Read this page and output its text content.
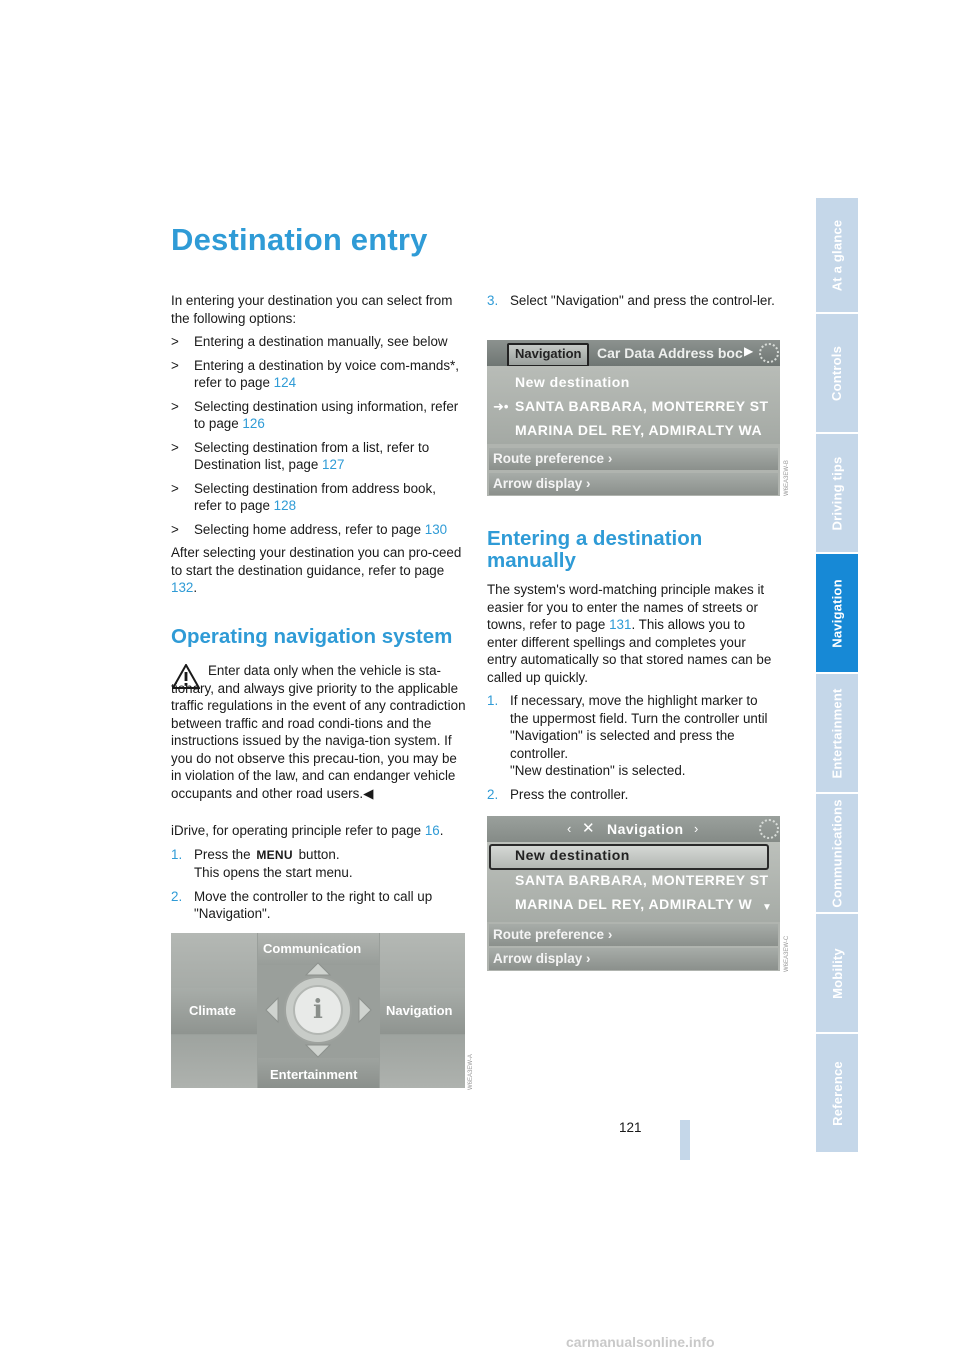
At a glance
Controls
Driving tips
Navigation
Entertainment
Communications
Mobility
Reference
Destination entry

In entering your destination you can select from the following options:

> Entering a destination manually, see below
> Entering a destination by voice com-mands*, refer to page 124
> Selecting destination using information, refer to page 126
> Selecting destination from a list, refer to Destination list, page 127
> Selecting destination from address book, refer to page 128
> Selecting home address, refer to page 130

After selecting your destination you can pro-ceed to start the destination guidance, refer to page 132.

Operating navigation system

Enter data only when the vehicle is sta-tionary, and always give priority to the applicable traffic regulations in the event of any contradiction between traffic and road condi-tions and the instructions issued by the naviga-tion system. If you do not observe this precau-tion, you may be in violation of the law, and can endanger vehicle occupants and other road users.◀

iDrive, for operating principle refer to page 16.

1. Press the MENU button.
This opens the start menu.
2. Move the controller to the right to call up "Navigation".
Communication
Climate	Navigation
Entertainment
i
W6EA3EW-A
3. Select "Navigation" and press the control-ler.
Navigation Car Data Address boc ▶
New destination
➜• SANTA BARBARA, MONTERREY ST
MARINA DEL REY, ADMIRALTY WA
Route preference ›
Arrow display ›	W6EA3EW-B
Entering a destination
manually

The system's word-matching principle makes it easier for you to enter the names of streets or towns, refer to page 131. This allows you to enter different spellings and completes your entry automatically so that stored names can be called up quickly.

1. If necessary, move the highlight marker to the uppermost field. Turn the controller until "Navigation" is selected and press the controller.
"New destination" is selected.
2. Press the controller.
‹ ✕ Navigation ›
New destination
SANTA BARBARA, MONTERREY ST
MARINA DEL REY, ADMIRALTY W ▼
Route preference ›
Arrow display ›	W6EA3EW-C
121
carmanualsonline.info
